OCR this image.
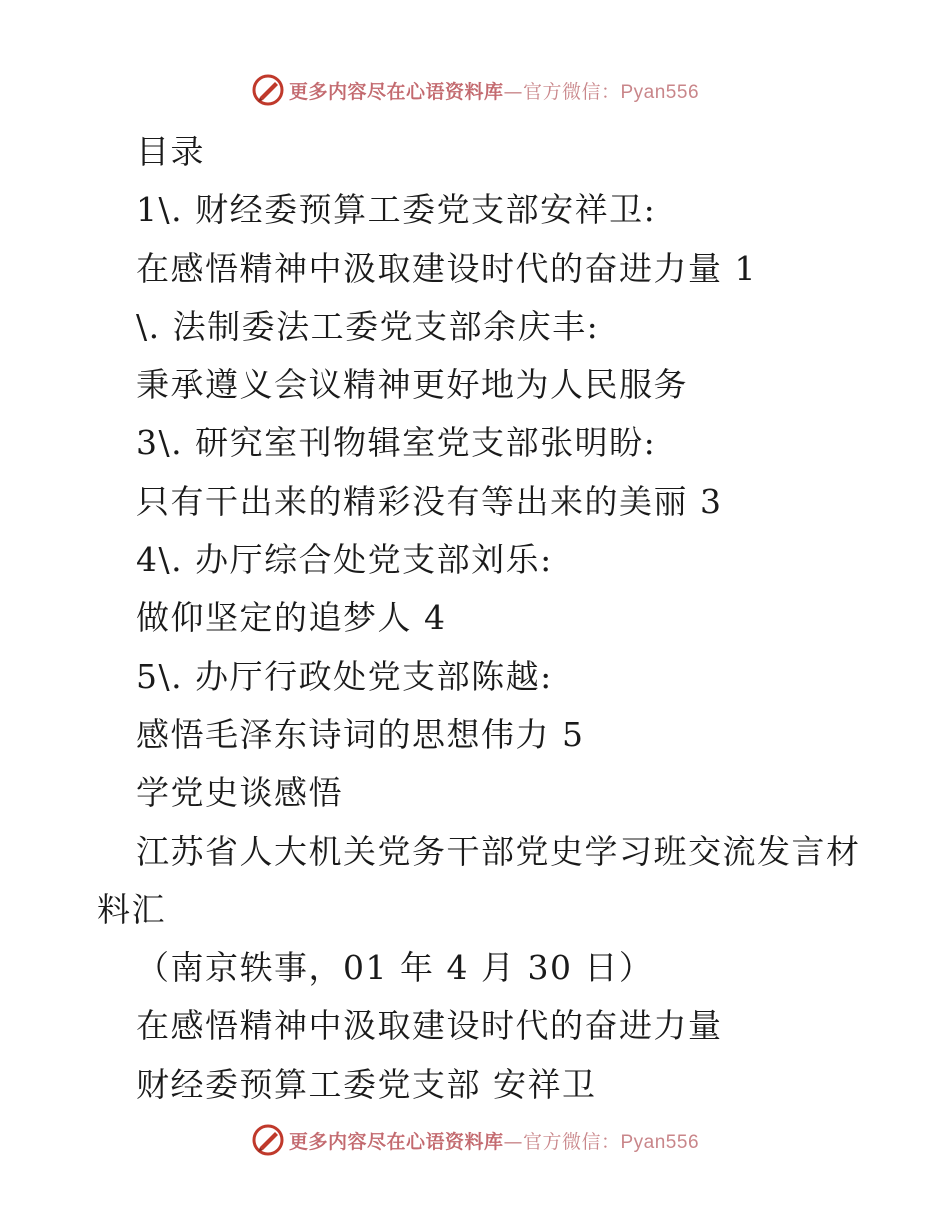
更多内容尽在心语资料库—官方微信：Pyan556
目录
1\. 财经委预算工委党支部安祥卫:
在感悟精神中汲取建设时代的奋进力量 1
\. 法制委法工委党支部余庆丰:
秉承遵义会议精神更好地为人民服务
3\. 研究室刊物辑室党支部张明盼:
只有干出来的精彩没有等出来的美丽 3
4\. 办厅综合处党支部刘乐:
做仰坚定的追梦人 4
5\. 办厅行政处党支部陈越:
感悟毛泽东诗词的思想伟力 5
学党史谈感悟
江苏省人大机关党务干部党史学习班交流发言材
料汇
（南京轶事，01 年 4 月 30 日）
在感悟精神中汲取建设时代的奋进力量
财经委预算工委党支部 安祥卫
更多内容尽在心语资料库—官方微信：Pyan556
